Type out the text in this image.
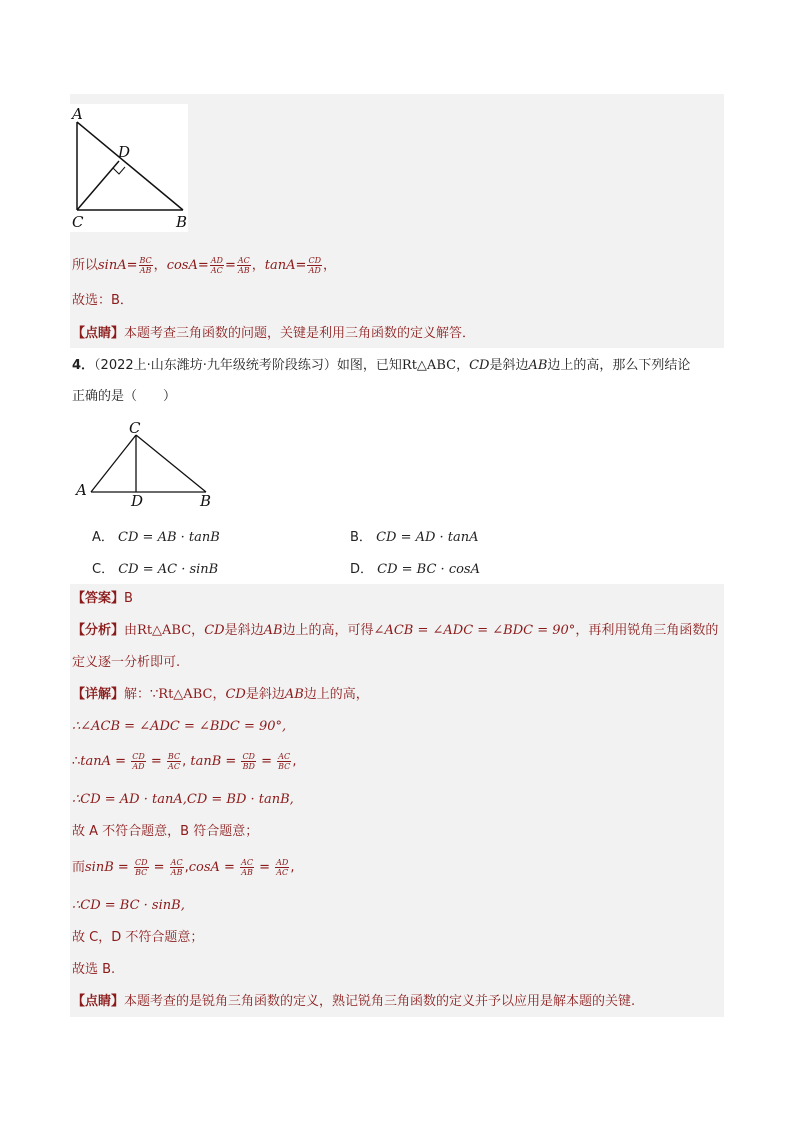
A
D
C	B
所以$\sin A= \frac{BC}{AB}$ ，$\cos A= \frac{AD}{AC} = \frac{AC}{AB}$ ，$\tan A= \frac{CD}{AD}$ ，
故选：B．
【点睛】本题考查三角函数的问题，关键是利用三角函数的定义解答．
4．（2022上·山东潍坊·九年级统考阶段练习）如图，已知Rt△ABC，CD是斜边AB边上的高，那么下列结论
正确的是（　　）
C
A
D	B
A． CD = AB · tanB	B． CD = AD · tanA
C． CD = AC · sinB	D． CD = BC · cosA
【答案】B
【分析】由Rt△ABC，CD是斜边AB边上的高，可得∠ACB = ∠ADC = ∠BDC = 90°，再利用锐角三角函数的
定义逐一分析即可.
【详解】解：∵Rt△ABC，CD是斜边AB边上的高，
∴∠ACB = ∠ADC = ∠BDC = 90°,
∴tanA = $\frac{CD}{AD} = \frac{BC}{AC}$ , $\tan B = \frac{CD}{BD} = \frac{AC}{BC}$ ,
∴CD = AD · tanA,CD = BD · tanB,
故 A 不符合题意，B 符合题意；
而$\sin B = \frac{CD}{BC} = \frac{AC}{AB} ,\cos A = \frac{AC}{AB} = \frac{AD}{AC}$ ,
∴CD = BC · sinB,
故 C，D 不符合题意；
故选 B.
【点睛】本题考查的是锐角三角函数的定义，熟记锐角三角函数的定义并予以应用是解本题的关键.
